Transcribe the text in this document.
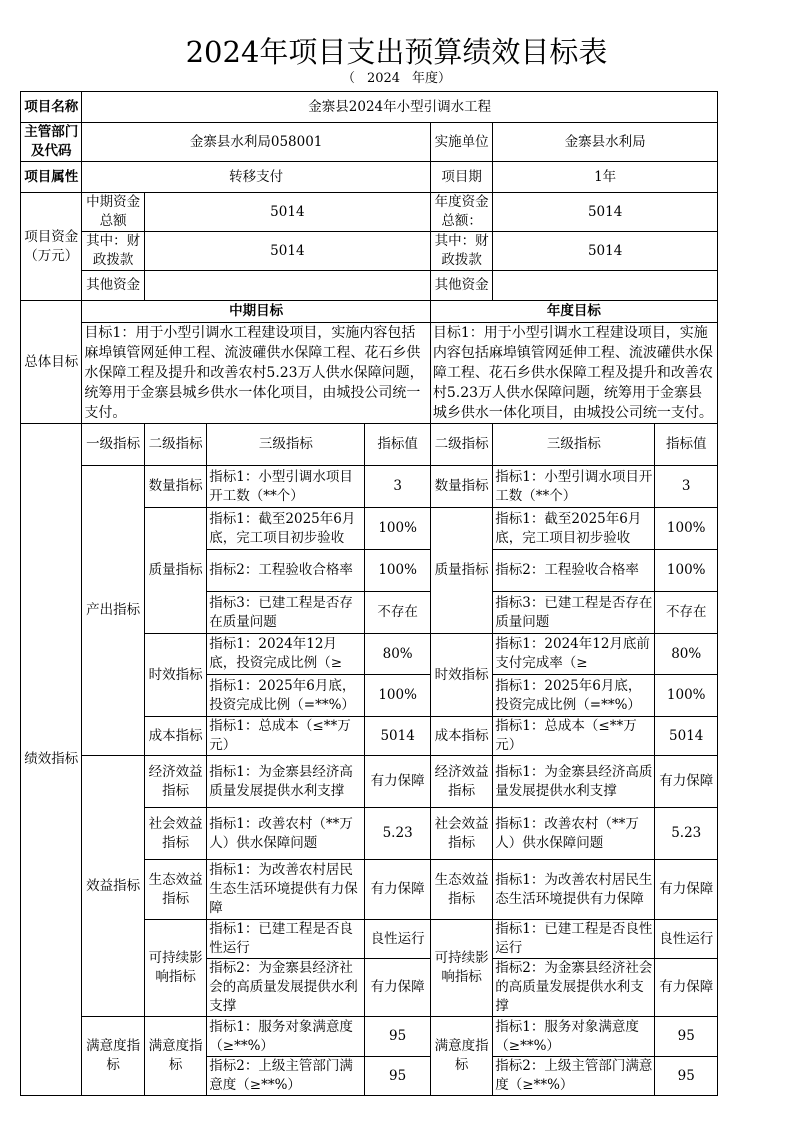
2024年项目支出预算绩效目标表
（ 2024 年度）
项目名称	金寨县2024年小型引调水工程						
主管部门及代码	金寨县水利局058001				实施单位	金寨县水利局	
项目属性	转移支付				项目期	1年	
项目资金（万元）	中期资金总额	5014			年度资金总额：	5014	
	其中：财政拨款	5014			其中：财政拨款	5014	
	其他资金				其他资金		
总体目标	中期目标				年度目标		
	目标1：用于小型引调水工程建设项目，实施内容包括麻埠镇管网延伸工程、流波礶供水保障工程、花石乡供水保障工程及提升和改善农村5.23万人供水保障问题，统筹用于金寨县城乡供水一体化项目，由城投公司统一支付。				目标1：用于小型引调水工程建设项目，实施内容包括麻埠镇管网延伸工程、流波礶供水保障工程、花石乡供水保障工程及提升和改善农村5.23万人供水保障问题，统筹用于金寨县城乡供水一体化项目，由城投公司统一支付。		
绩效指标	一级指标	二级指标	三级指标	指标值	二级指标	三级指标	指标值
	产出指标	数量指标	指标1：小型引调水项目开工数（**个）	3	数量指标	指标1：小型引调水项目开工数（**个）	3
		质量指标	指标1：截至2025年6月底，完工项目初步验收	100%	质量指标	指标1：截至2025年6月底，完工项目初步验收	100%
			指标2：工程验收合格率	100%		指标2：工程验收合格率	100%
			指标3：已建工程是否存在质量问题	不存在		指标3：已建工程是否存在质量问题	不存在
		时效指标	指标1：2024年12月底，投资完成比例（≥	80%	时效指标	指标1：2024年12月底前支付完成率（≥	80%
			指标1：2025年6月底，投资完成比例（=**%）	100%		指标1：2025年6月底，投资完成比例（=**%）	100%
		成本指标	指标1：总成本（≤**万元）	5014	成本指标	指标1：总成本（≤**万元）	5014
	效益指标	经济效益指标	指标1：为金寨县经济高质量发展提供水利支撑	有力保障	经济效益指标	指标1：为金寨县经济高质量发展提供水利支撑	有力保障
		社会效益指标	指标1：改善农村（**万人）供水保障问题	5.23	社会效益指标	指标1：改善农村（**万人）供水保障问题	5.23
		生态效益指标	指标1：为改善农村居民生态生活环境提供有力保障	有力保障	生态效益指标	指标1：为改善农村居民生态生活环境提供有力保障	有力保障
		可持续影响指标	指标1：已建工程是否良性运行	良性运行	可持续影响指标	指标1：已建工程是否良性运行	良性运行
			指标2：为金寨县经济社会的高质量发展提供水利支撑	有力保障		指标2：为金寨县经济社会的高质量发展提供水利支撑	有力保障
	满意度指标	满意度指标	指标1：服务对象满意度（≥**%）	95	满意度指标	指标1：服务对象满意度（≥**%）	95
			指标2：上级主管部门满意度（≥**%）	95		指标2：上级主管部门满意度（≥**%）	95
